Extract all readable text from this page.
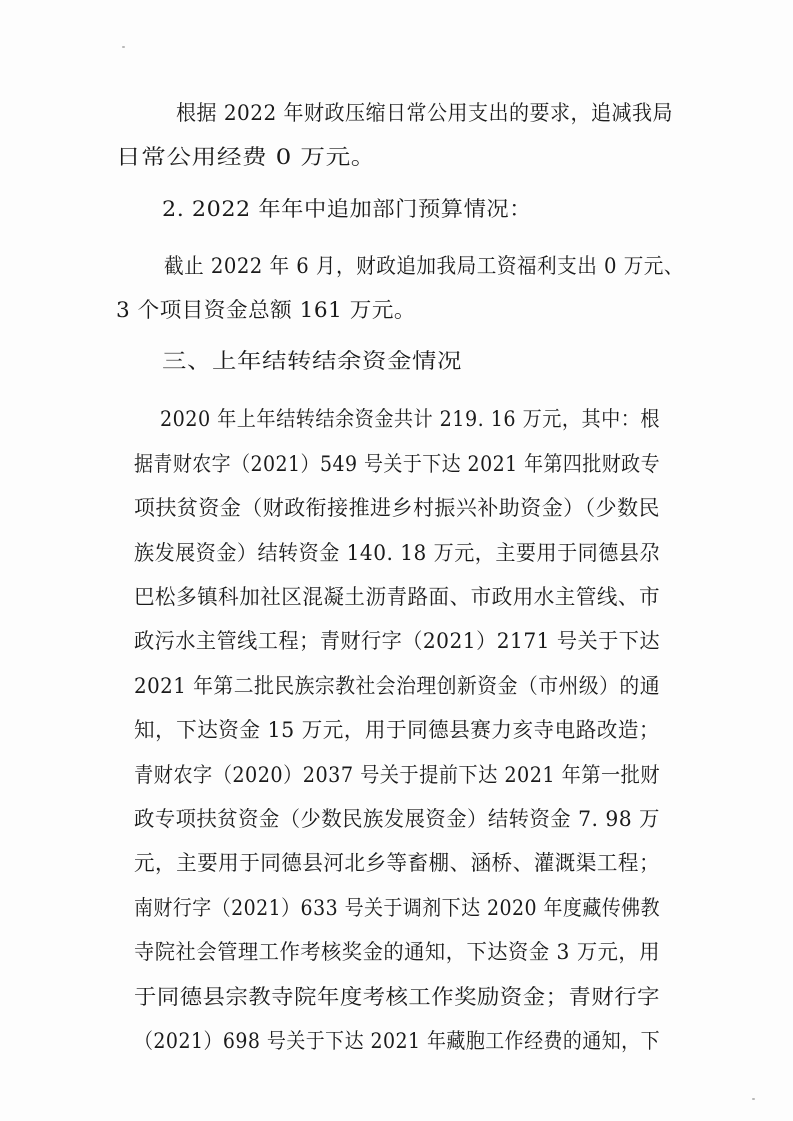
根据 2022 年财政压缩日常公用支出的要求，追减我局
日常公用经费 0 万元。
2. 2022 年年中追加部门预算情况：
截止 2022 年 6 月，财政追加我局工资福利支出 0 万元、
3 个项目资金总额 161 万元。
三、上年结转结余资金情况
2020 年上年结转结余资金共计 219. 16 万元，其中：根
据青财农字（2021）549 号关于下达 2021 年第四批财政专
项扶贫资金（财政衔接推进乡村振兴补助资金）（少数民
族发展资金）结转资金 140. 18 万元，主要用于同德县尕
巴松多镇科加社区混凝土沥青路面、市政用水主管线、市
政污水主管线工程；青财行字（2021）2171 号关于下达
2021 年第二批民族宗教社会治理创新资金（市州级）的通
知，下达资金 15 万元，用于同德县赛力亥寺电路改造；
青财农字（2020）2037 号关于提前下达 2021 年第一批财
政专项扶贫资金（少数民族发展资金）结转资金 7. 98 万
元，主要用于同德县河北乡等畜棚、涵桥、灌溉渠工程；
南财行字（2021）633 号关于调剂下达 2020 年度藏传佛教
寺院社会管理工作考核奖金的通知，下达资金 3 万元，用
于同德县宗教寺院年度考核工作奖励资金；青财行字
（2021）698 号关于下达 2021 年藏胞工作经费的通知，下
